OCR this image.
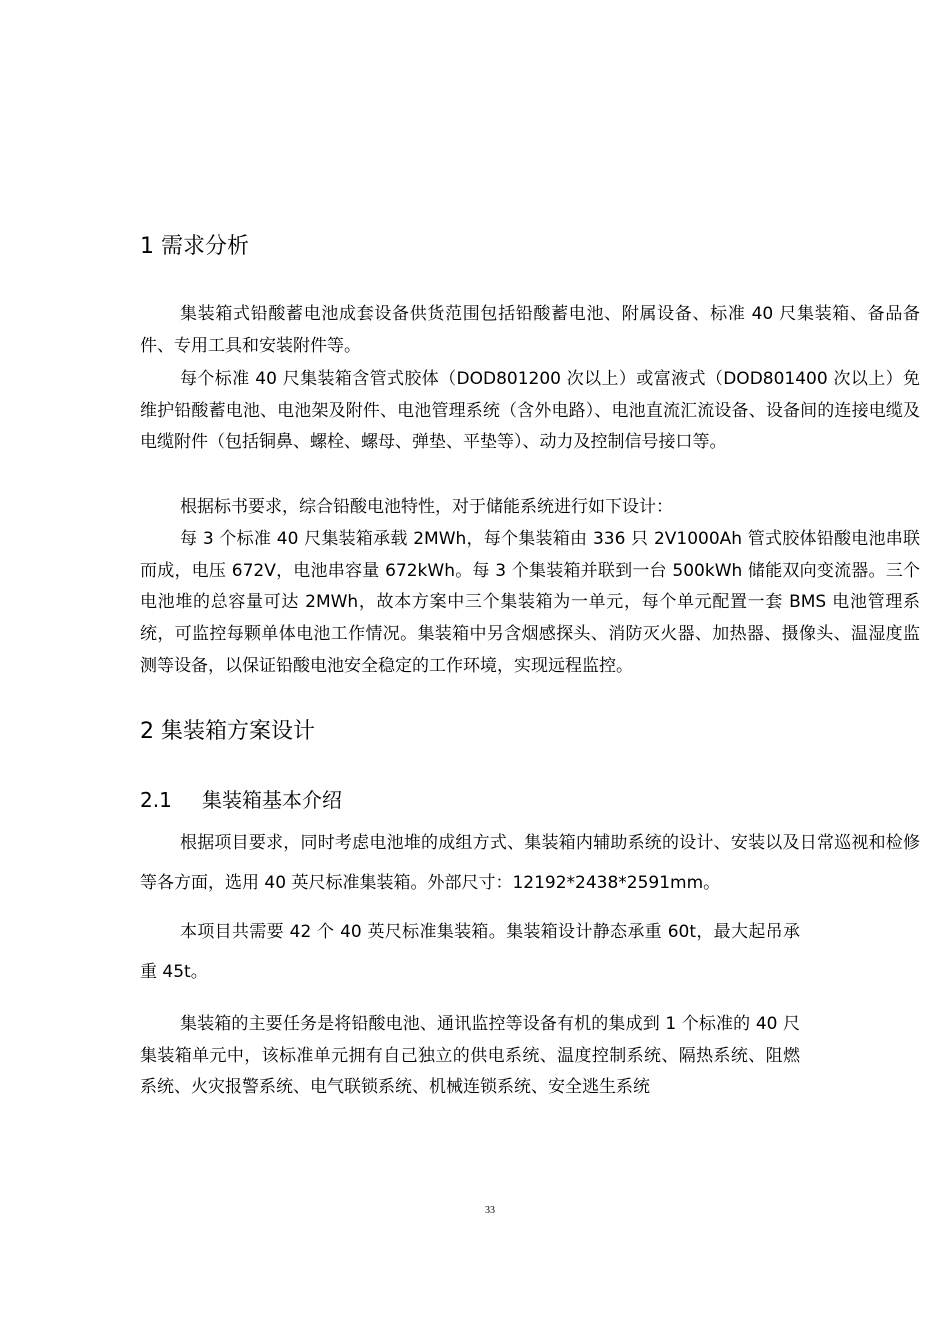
1 需求分析
集装箱式铅酸蓄电池成套设备供货范围包括铅酸蓄电池、附属设备、标准 40 尺集装箱、备品备件、专用工具和安装附件等。
每个标准 40 尺集装箱含管式胶体（DOD801200 次以上）或富液式（DOD801400 次以上）免维护铅酸蓄电池、电池架及附件、电池管理系统（含外电路）、电池直流汇流设备、设备间的连接电缆及电缆附件（包括铜鼻、螺栓、螺母、弹垫、平垫等）、动力及控制信号接口等。
根据标书要求，综合铅酸电池特性，对于储能系统进行如下设计：
每 3 个标准 40 尺集装箱承载 2MWh，每个集装箱由 336 只 2V1000Ah 管式胶体铅酸电池串联而成，电压 672V，电池串容量 672kWh。每 3 个集装箱并联到一台 500kWh 储能双向变流器。三个电池堆的总容量可达 2MWh，故本方案中三个集装箱为一单元，每个单元配置一套 BMS 电池管理系统，可监控每颗单体电池工作情况。集装箱中另含烟感探头、消防灭火器、加热器、摄像头、温湿度监测等设备，以保证铅酸电池安全稳定的工作环境，实现远程监控。
2 集装箱方案设计
2.1 集装箱基本介绍
根据项目要求，同时考虑电池堆的成组方式、集装箱内辅助系统的设计、安装以及日常巡视和检修等各方面，选用 40 英尺标准集装箱。外部尺寸：12192*2438*2591mm。
本项目共需要 42 个 40 英尺标准集装箱。集装箱设计静态承重 60t，最大起吊承重 45t。
集装箱的主要任务是将铅酸电池、通讯监控等设备有机的集成到 1 个标准的 40 尺集装箱单元中，该标准单元拥有自己独立的供电系统、温度控制系统、隔热系统、阻燃系统、火灾报警系统、电气联锁系统、机械连锁系统、安全逃生系统
33
